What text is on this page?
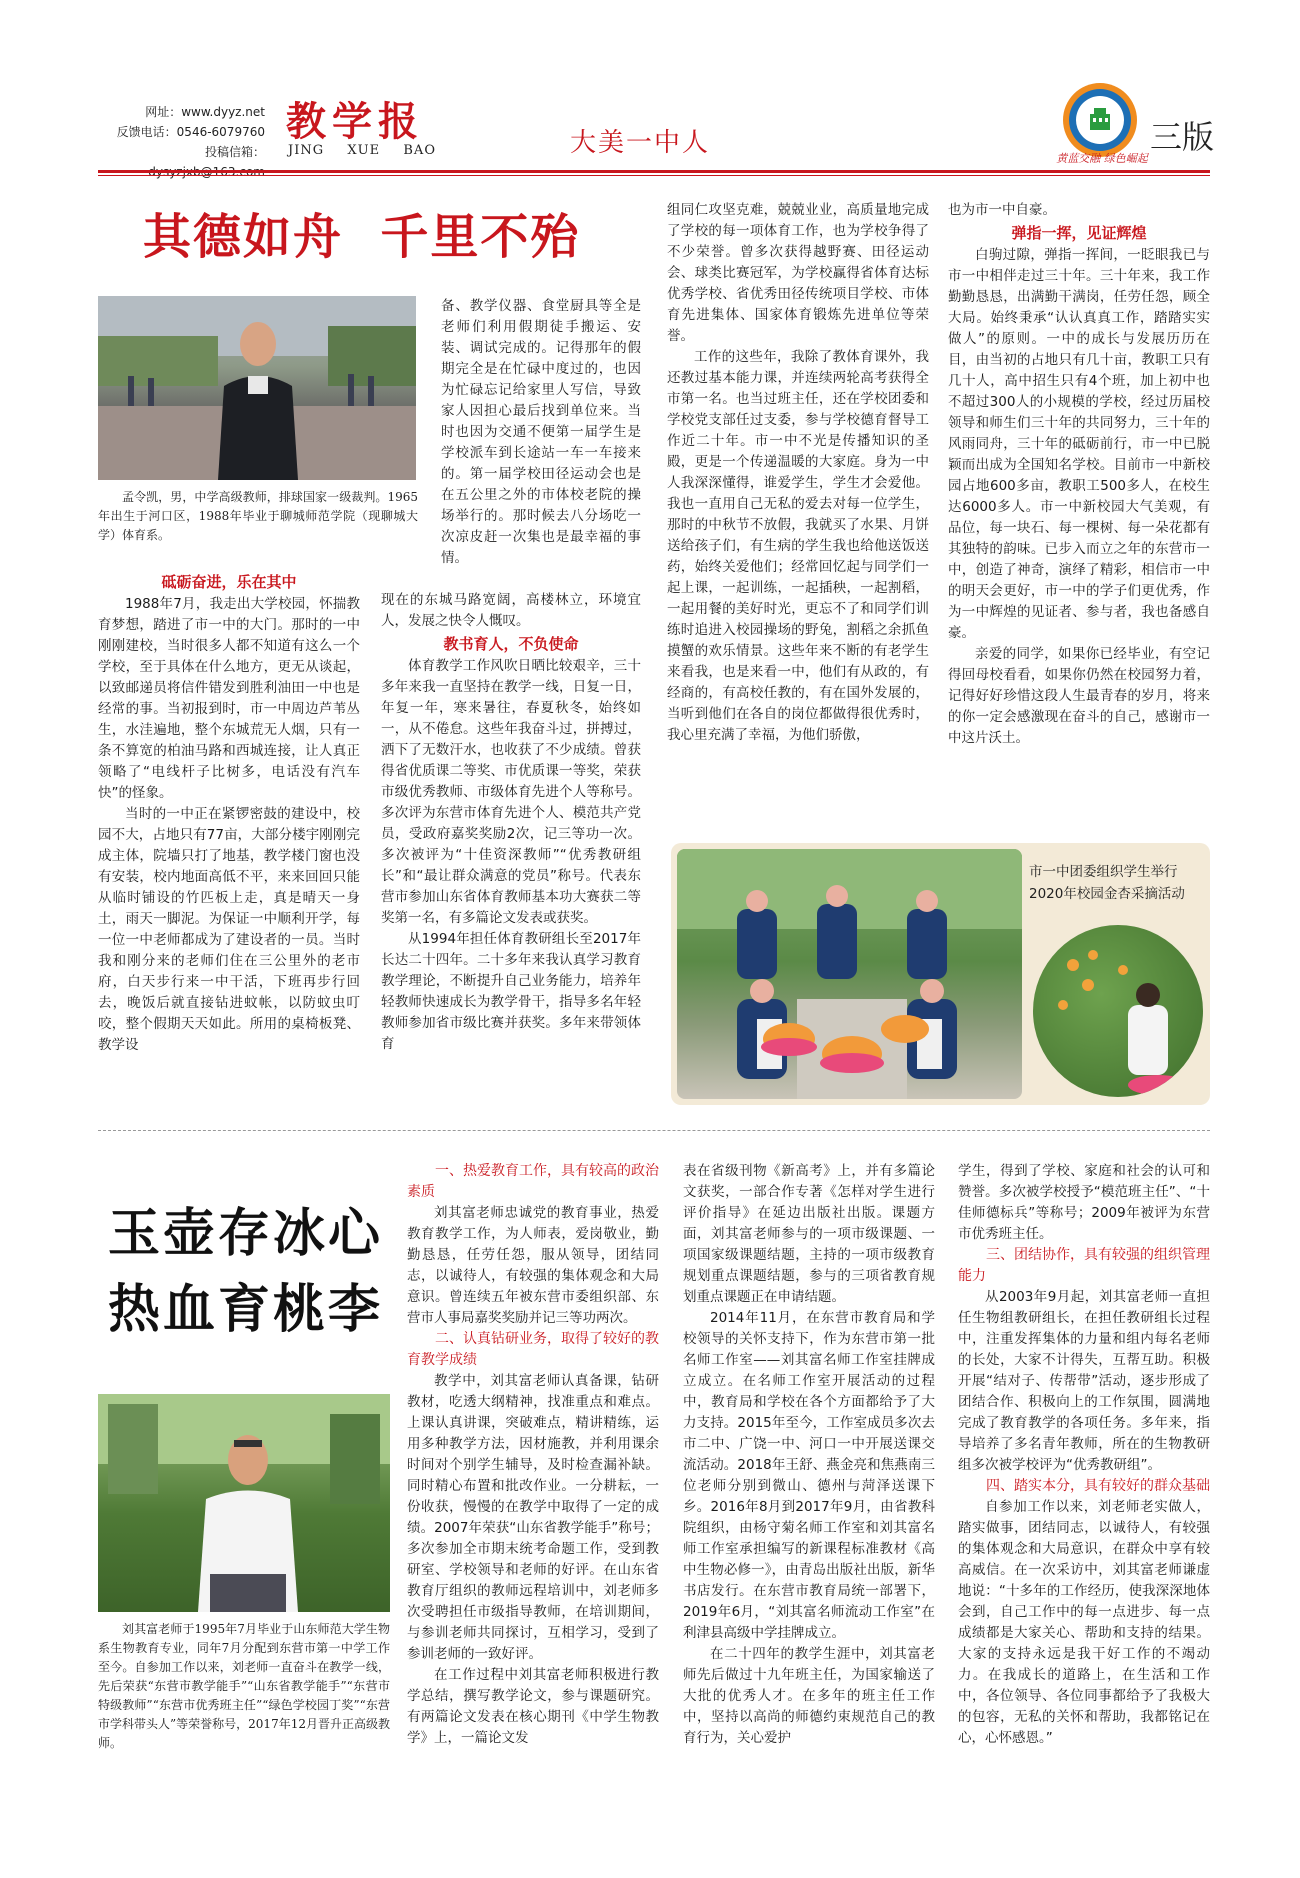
网址：www.dyyz.net
反馈电话：0546-6079760
投稿信箱：
教学报
JING XUE BAO	大美一中人
黄蓝交融 绿色崛起
三版
其德如舟  千里不殆
孟令凯，男，中学高级教师，排球国家一级裁判。1965年出生于河口区，1988年毕业于聊城师范学院（现聊城大学）体育系。

砥砺奋进，乐在其中

1988年7月，我走出大学校园，怀揣教育梦想，踏进了市一中的大门。那时的一中刚刚建校，当时很多人都不知道有这么一个学校，至于具体在什么地方，更无从谈起，以致邮递员将信件错发到胜利油田一中也是经常的事。当初报到时，市一中周边芦苇丛生，水洼遍地，整个东城荒无人烟，只有一条不算宽的柏油马路和西城连接，让人真正领略了“电线杆子比树多，电话没有汽车快”的怪象。

当时的一中正在紧锣密鼓的建设中，校园不大，占地只有77亩，大部分楼宇刚刚完成主体，院墙只打了地基，教学楼门窗也没有安装，校内地面高低不平，来来回回只能从临时铺设的竹匹板上走，真是晴天一身土，雨天一脚泥。为保证一中顺利开学，每一位一中老师都成为了建设者的一员。当时我和刚分来的老师们住在三公里外的老市府，白天步行来一中干活，下班再步行回去，晚饭后就直接钻进蚊帐，以防蚊虫叮咬，整个假期天天如此。所用的桌椅板凳、教学设

备、教学仪器、食堂厨具等全是老师们利用假期徒手搬运、安装、调试完成的。记得那年的假期完全是在忙碌中度过的，也因为忙碌忘记给家里人写信，导致家人因担心最后找到单位来。当时也因为交通不便第一届学生是学校派车到长途站一车一车接来的。第一届学校田径运动会也是在五公里之外的市体校老院的操场举行的。那时候去八分场吃一次凉皮赶一次集也是最幸福的事情。

现在的东城马路宽阔，高楼林立，环境宜人，发展之快令人慨叹。

教书育人，不负使命

体育教学工作风吹日晒比较艰辛，三十多年来我一直坚持在教学一线，日复一日，年复一年，寒来暑往，春夏秋冬，始终如一，从不倦怠。这些年我奋斗过，拼搏过，洒下了无数汗水，也收获了不少成绩。曾获得省优质课二等奖、市优质课一等奖，荣获市级优秀教师、市级体育先进个人等称号。多次评为东营市体育先进个人、模范共产党员，受政府嘉奖奖励2次，记三等功一次。多次被评为“十佳资深教师”“优秀教研组长”和“最让群众满意的党员”称号。代表东营市参加山东省体育教师基本功大赛获二等奖第一名，有多篇论文发表或获奖。

从1994年担任体育教研组长至2017年长达二十四年。二十多年来我认真学习教育教学理论，不断提升自己业务能力，培养年轻教师快速成长为教学骨干，指导多名年轻教师参加省市级比赛并获奖。多年来带领体育

组同仁攻坚克难，兢兢业业，高质量地完成了学校的每一项体育工作，也为学校争得了不少荣誉。曾多次获得越野赛、田径运动会、球类比赛冠军，为学校赢得省体育达标优秀学校、省优秀田径传统项目学校、市体育先进集体、国家体育锻炼先进单位等荣誉。

工作的这些年，我除了教体育课外，我还教过基本能力课，并连续两轮高考获得全市第一名。也当过班主任，还在学校团委和学校党支部任过支委，参与学校德育督导工作近二十年。市一中不光是传播知识的圣殿，更是一个传递温暖的大家庭。身为一中人我深深懂得，谁爱学生，学生才会爱他。我也一直用自己无私的爱去对每一位学生，那时的中秋节不放假，我就买了水果、月饼送给孩子们，有生病的学生我也给他送饭送药，始终关爱他们；经常回忆起与同学们一起上课，一起训练，一起插秧，一起割稻，一起用餐的美好时光，更忘不了和同学们训练时追进入校园操场的野兔，割稻之余抓鱼摸蟹的欢乐情景。这些年来不断的有老学生来看我，也是来看一中，他们有从政的，有经商的，有高校任教的，有在国外发展的，当听到他们在各自的岗位都做得很优秀时，我心里充满了幸福，为他们骄傲，

也为市一中自豪。

弹指一挥，见证辉煌

白驹过隙，弹指一挥间，一眨眼我已与市一中相伴走过三十年。三十年来，我工作勤勤恳恳，出满勤干满岗，任劳任怨，顾全大局。始终秉承“认认真真工作，踏踏实实做人”的原则。一中的成长与发展历历在目，由当初的占地只有几十亩，教职工只有几十人，高中招生只有4个班，加上初中也不超过300人的小规模的学校，经过历届校领导和师生们三十年的共同努力，三十年的风雨同舟，三十年的砥砺前行，市一中已脱颖而出成为全国知名学校。目前市一中新校园占地600多亩，教职工500多人，在校生达6000多人。市一中新校园大气美观，有品位，每一块石、每一棵树、每一朵花都有其独特的韵味。已步入而立之年的东营市一中，创造了神奇，演绎了精彩，相信市一中的明天会更好，市一中的学子们更优秀，作为一中辉煌的见证者、参与者，我也备感自豪。

亲爱的同学，如果你已经毕业，有空记得回母校看看，如果你仍然在校园努力着，记得好好珍惜这段人生最青春的岁月，将来的你一定会感激现在奋斗的自己，感谢市一中这片沃土。

市一中团委组织学生举行2020年校园金杏采摘活动
玉壶存冰心
热血育桃李
刘其富老师于1995年7月毕业于山东师范大学生物系生物教育专业，同年7月分配到东营市第一中学工作至今。自参加工作以来，刘老师一直奋斗在教学一线，先后荣获“东营市教学能手”“山东省教学能手”“东营市特级教师”“东营市优秀班主任”“绿色学校园丁奖”“东营市学科带头人”等荣誉称号，2017年12月晋升正高级教师。

一、热爱教育工作，具有较高的政治素质

刘其富老师忠诚党的教育事业，热爱教育教学工作，为人师表，爱岗敬业，勤勤恳恳，任劳任怨，服从领导，团结同志，以诚待人，有较强的集体观念和大局意识。曾连续五年被东营市委组织部、东营市人事局嘉奖奖励并记三等功两次。

二、认真钻研业务，取得了较好的教育教学成绩

教学中，刘其富老师认真备课，钻研教材，吃透大纲精神，找准重点和难点。上课认真讲课，突破难点，精讲精练，运用多种教学方法，因材施教，并利用课余时间对个别学生辅导，及时检查漏补缺。同时精心布置和批改作业。一分耕耘，一份收获，慢慢的在教学中取得了一定的成绩。2007年荣获“山东省教学能手”称号；多次参加全市期末统考命题工作，受到教研室、学校领导和老师的好评。在山东省教育厅组织的教师远程培训中，刘老师多次受聘担任市级指导教师，在培训期间，与参训老师共同探讨，互相学习，受到了参训老师的一致好评。

在工作过程中刘其富老师积极进行教学总结，撰写教学论文，参与课题研究。有两篇论文发表在核心期刊《中学生物教学》上，一篇论文发

表在省级刊物《新高考》上，并有多篇论文获奖，一部合作专著《怎样对学生进行评价指导》在延边出版社出版。课题方面，刘其富老师参与的一项市级课题、一项国家级课题结题，主持的一项市级教育规划重点课题结题，参与的三项省教育规划重点课题正在申请结题。

2014年11月，在东营市教育局和学校领导的关怀支持下，作为东营市第一批名师工作室——刘其富名师工作室挂牌成立成立。在名师工作室开展活动的过程中，教育局和学校在各个方面都给予了大力支持。2015年至今，工作室成员多次去市二中、广饶一中、河口一中开展送课交流活动。2018年王舒、燕金亮和焦燕南三位老师分别到微山、德州与菏泽送课下乡。2016年8月到2017年9月，由省教科院组织，由杨守菊名师工作室和刘其富名师工作室承担编写的新课程标准教材《高中生物必修一》，由青岛出版社出版，新华书店发行。在东营市教育局统一部署下，2019年6月，“刘其富名师流动工作室”在利津县高级中学挂牌成立。

在二十四年的教学生涯中，刘其富老师先后做过十九年班主任，为国家输送了大批的优秀人才。在多年的班主任工作中，坚持以高尚的师德约束规范自己的教育行为，关心爱护

学生，得到了学校、家庭和社会的认可和赞誉。多次被学校授予“模范班主任”、“十佳师德标兵”等称号；2009年被评为东营市优秀班主任。

三、团结协作，具有较强的组织管理能力

从2003年9月起，刘其富老师一直担任生物组教研组长，在担任教研组长过程中，注重发挥集体的力量和组内每名老师的长处，大家不计得失，互帮互助。积极开展“结对子、传帮带”活动，逐步形成了团结合作、积极向上的工作氛围，圆满地完成了教育教学的各项任务。多年来，指导培养了多名青年教师，所在的生物教研组多次被学校评为“优秀教研组”。

四、踏实本分，具有较好的群众基础

自参加工作以来，刘老师老实做人，踏实做事，团结同志，以诚待人，有较强的集体观念和大局意识，在群众中享有较高威信。在一次采访中，刘其富老师谦虚地说：“十多年的工作经历，使我深深地体会到，自己工作中的每一点进步、每一点成绩都是大家关心、帮助和支持的结果。大家的支持永远是我干好工作的不竭动力。在我成长的道路上，在生活和工作中，各位领导、各位同事都给予了我极大的包容，无私的关怀和帮助，我都铭记在心，心怀感恩。”
